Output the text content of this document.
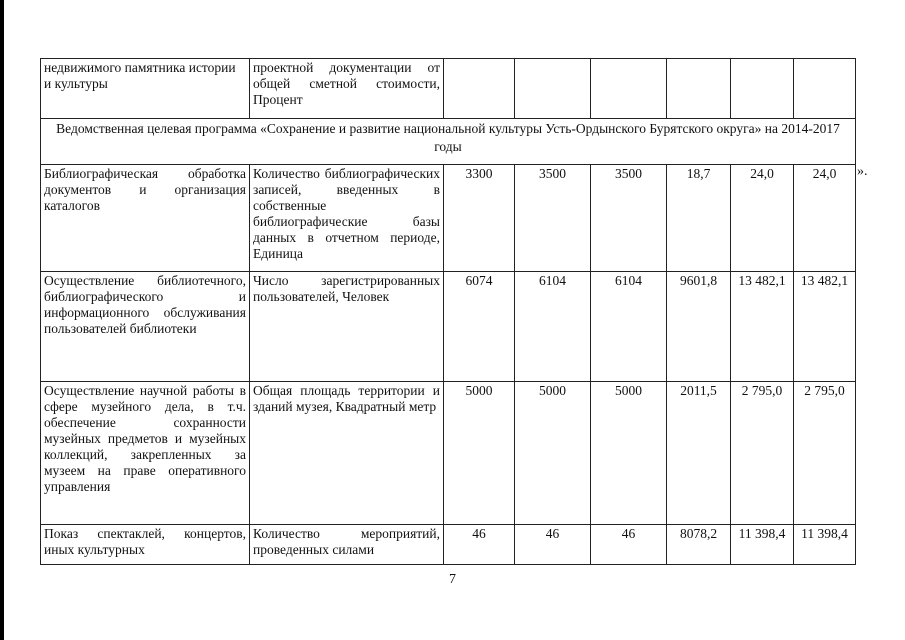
недвижимого памятника истории и культуры	проектной документации от общей сметной стоимости, Процент						
Ведомственная целевая программа «Сохранение и развитие национальной культуры Усть-Ордынского Бурятского округа» на 2014-2017 годы							
Библиографическая обработка документов и организация каталогов	Количество библиографических записей, введенных в собственные библиографические базы данных в отчетном периоде, Единица	3300	3500	3500	18,7	24,0	24,0
Осуществление библиотечного, библиографического и информационного обслуживания пользователей библиотеки	Число зарегистрированных пользователей, Человек	6074	6104	6104	9601,8	13 482,1	13 482,1
Осуществление научной работы в сфере музейного дела, в т.ч. обеспечение сохранности музейных предметов и музейных коллекций, закрепленных за музеем на праве оперативного управления	Общая площадь территории и зданий музея, Квадратный метр	5000	5000	5000	2011,5	2 795,0	2 795,0
Показ спектаклей, концертов, иных культурных	Количество мероприятий, проведенных силами	46	46	46	8078,2	11 398,4	11 398,4
».
7
